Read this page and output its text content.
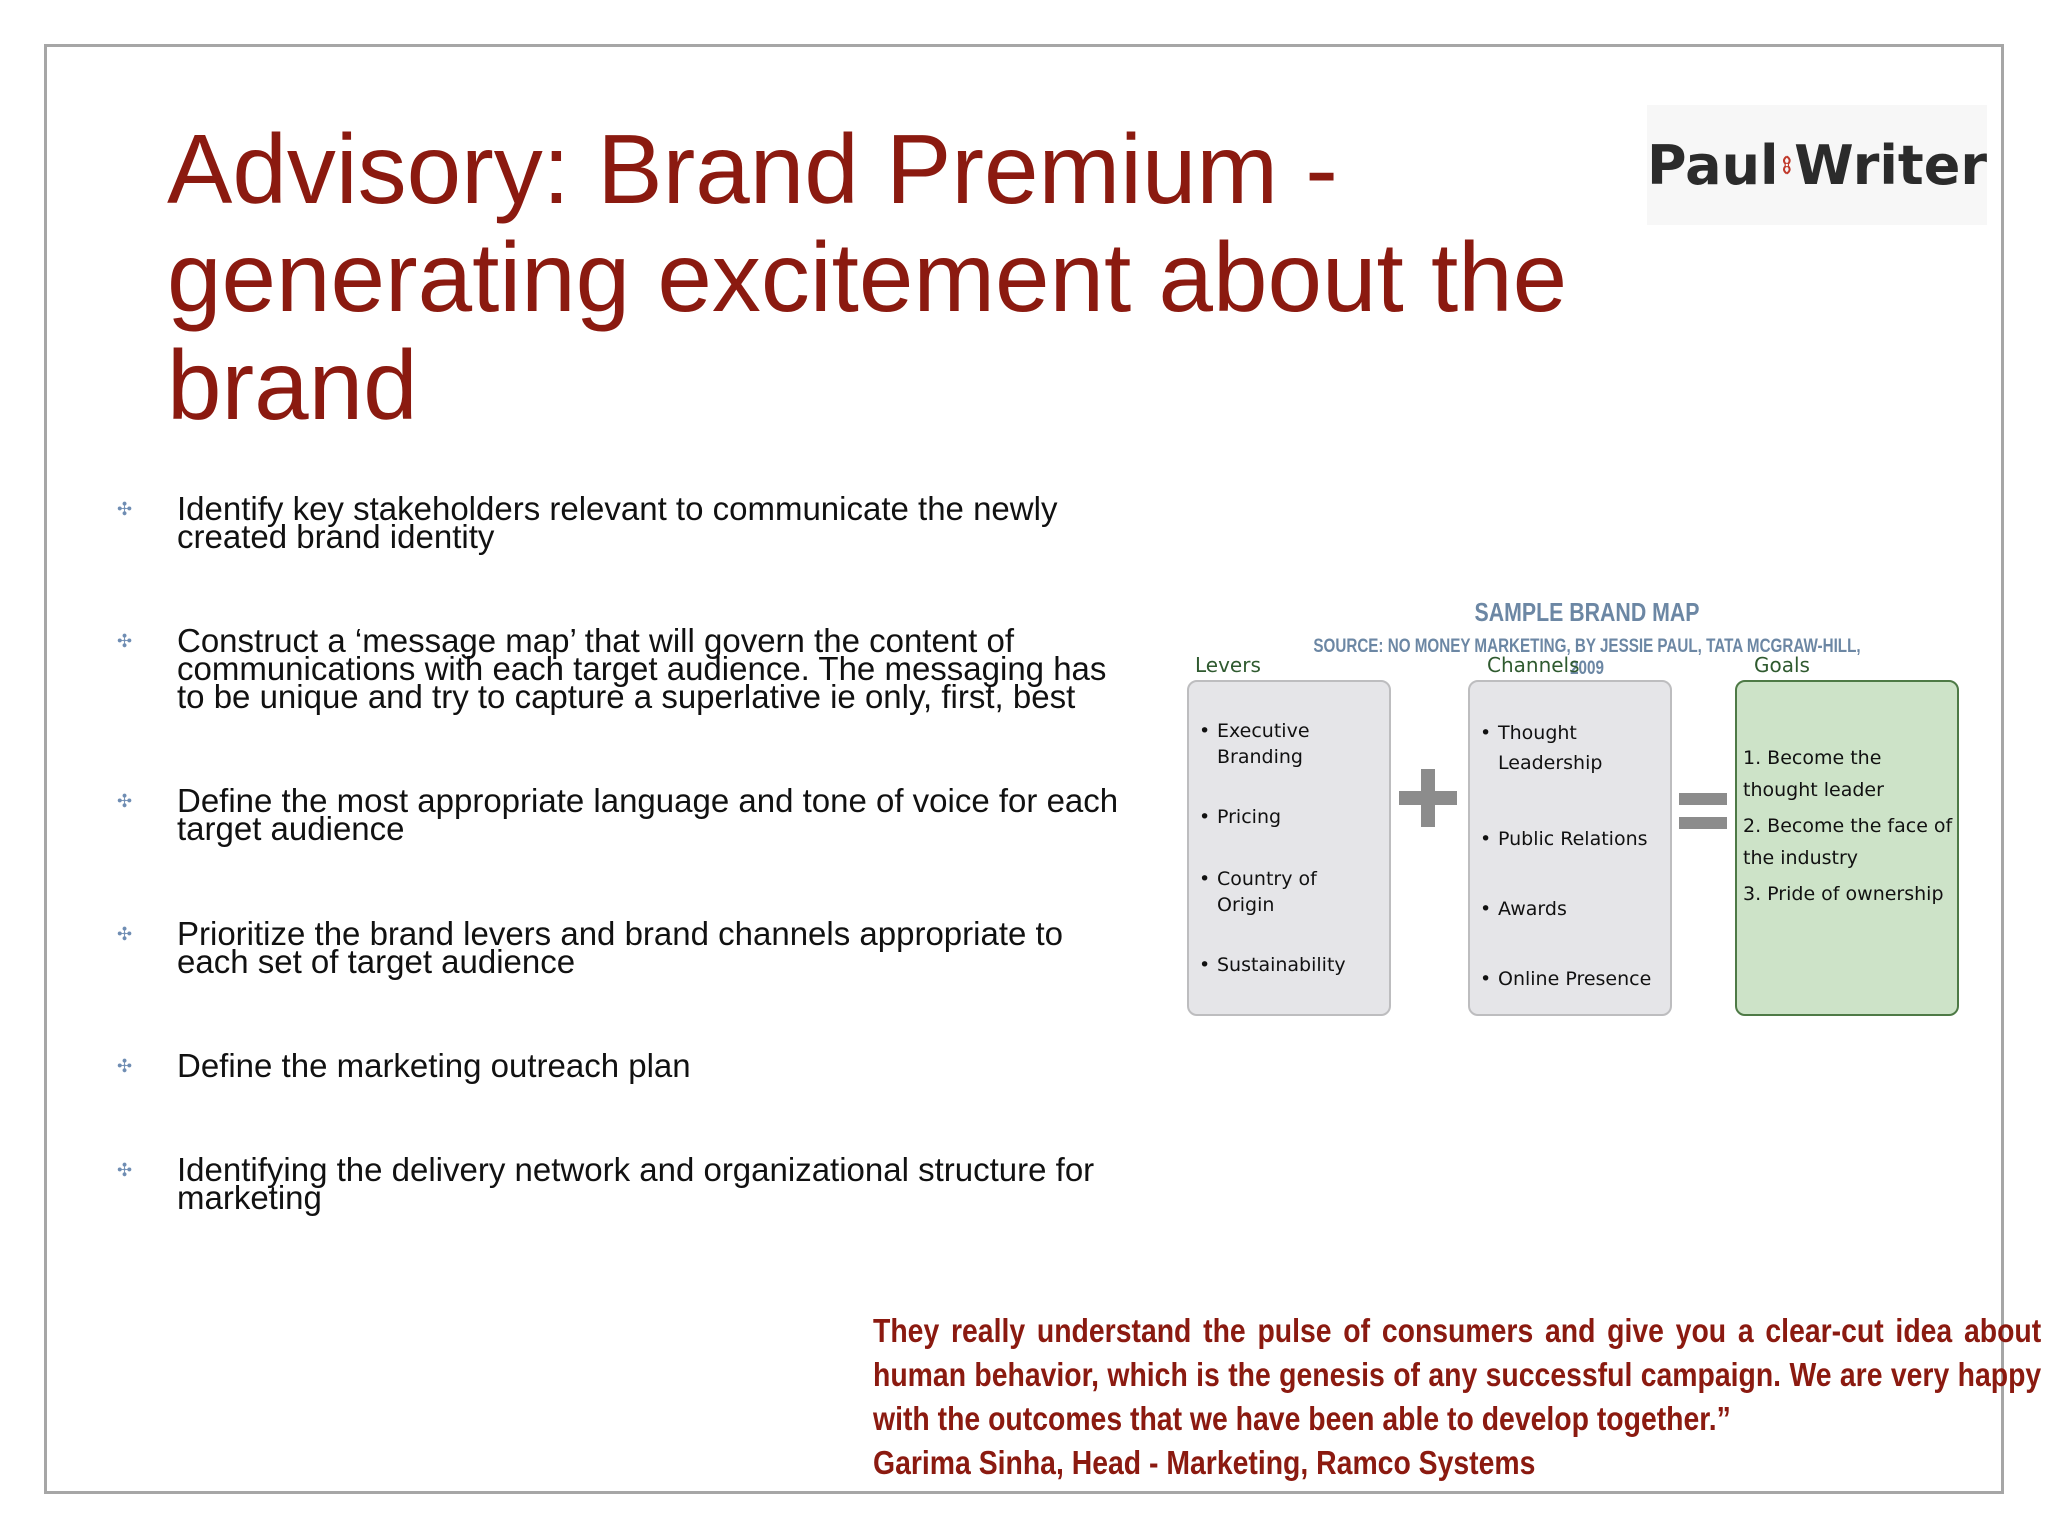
Advisory: Brand Premium - generating excitement about the brand
Paul Writer
✣ Identify key stakeholders relevant to communicate the newly created brand identity
✣ Construct a ‘message map’ that will govern the content of communications with each target audience. The messaging has to be unique and try to capture a superlative ie only, first, best
✣ Define the most appropriate language and tone of voice for each target audience
✣ Prioritize the brand levers and brand channels appropriate to each set of target audience
✣ Define the marketing outreach plan
✣ Identifying the delivery network and organizational structure for marketing
SAMPLE BRAND MAP
SOURCE: NO MONEY MARKETING, BY JESSIE PAUL, TATA MCGRAW-HILL, 2009
Levers	Channels	Goals
• Executive Branding
• Pricing
• Country of Origin
• Sustainability
• Thought Leadership
• Public Relations
• Awards
• Online Presence
1. Become the thought leader
2. Become the face of the industry
3. Pride of ownership
They really understand the pulse of consumers and give you a clear-cut idea about human behavior, which is the genesis of any successful campaign. We are very happy with the outcomes that we have been able to develop together.”
Garima Sinha, Head - Marketing, Ramco Systems
